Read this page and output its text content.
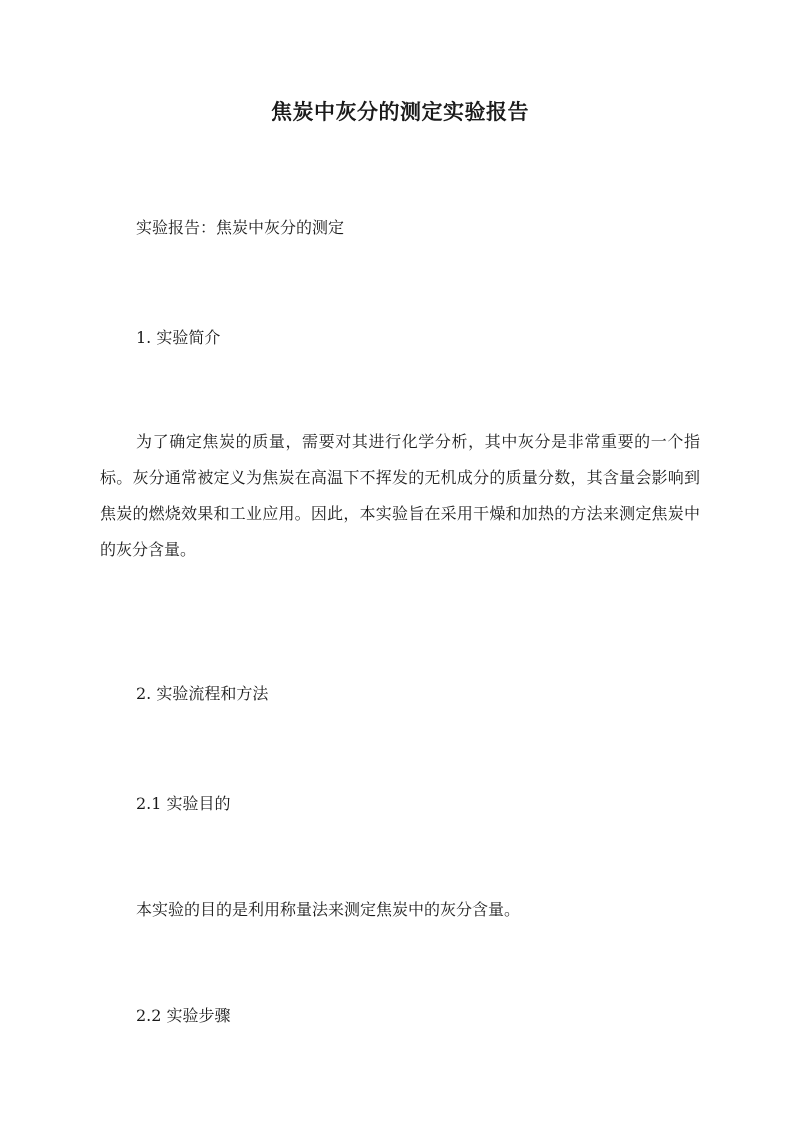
焦炭中灰分的测定实验报告
实验报告：焦炭中灰分的测定
1. 实验简介
为了确定焦炭的质量，需要对其进行化学分析，其中灰分是非常重要的一个指标。灰分通常被定义为焦炭在高温下不挥发的无机成分的质量分数，其含量会影响到焦炭的燃烧效果和工业应用。因此，本实验旨在采用干燥和加热的方法来测定焦炭中的灰分含量。
2. 实验流程和方法
2.1 实验目的
本实验的目的是利用称量法来测定焦炭中的灰分含量。
2.2 实验步骤
